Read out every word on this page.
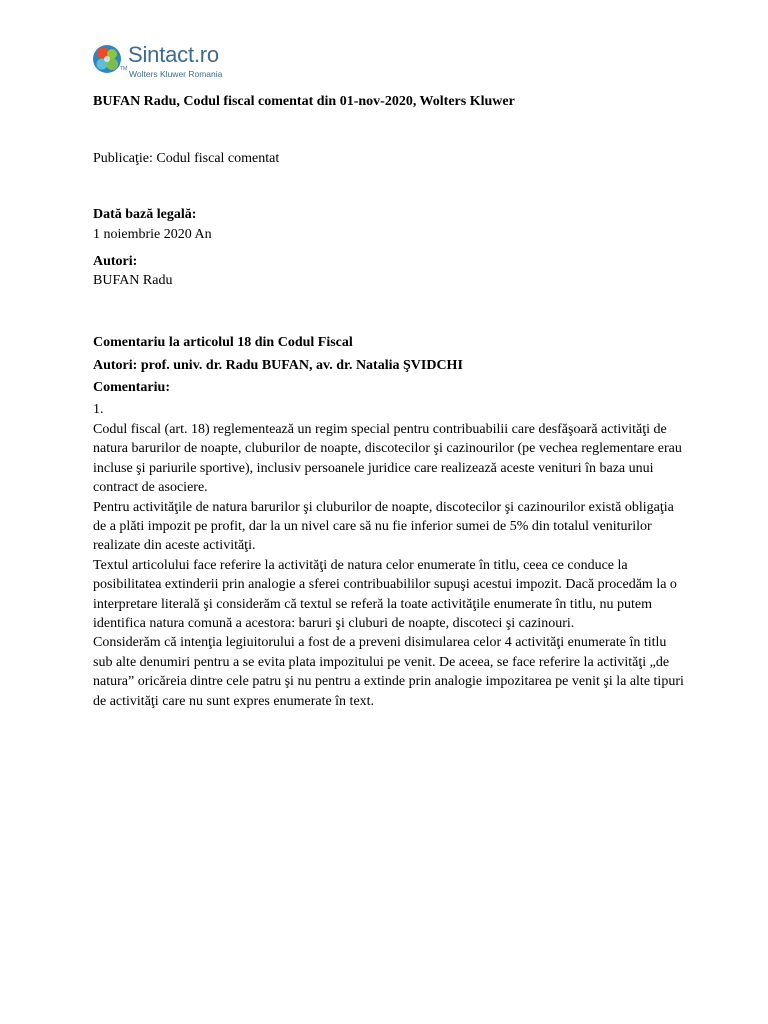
TM
Sintact.ro
Wolters Kluwer Romania
BUFAN Radu, Codul fiscal comentat din 01-nov-2020, Wolters Kluwer
Publicaţie: Codul fiscal comentat
Dată bază legală:
1 noiembrie 2020 An
Autori:
BUFAN Radu
Comentariu la articolul 18 din Codul Fiscal
Autori: prof. univ. dr. Radu BUFAN, av. dr. Natalia ŞVIDCHI
Comentariu:
1.

Codul fiscal (art. 18) reglementează un regim special pentru contribuabilii care desfăşoară activităţi de natura barurilor de noapte, cluburilor de noapte, discotecilor şi cazinourilor (pe vechea reglementare erau incluse şi pariurile sportive), inclusiv persoanele juridice care realizează aceste venituri în baza unui contract de asociere.

Pentru activităţile de natura barurilor şi cluburilor de noapte, discotecilor şi cazinourilor există obligaţia de a plăti impozit pe profit, dar la un nivel care să nu fie inferior sumei de 5% din totalul veniturilor realizate din aceste activităţi.

Textul articolului face referire la activităţi de natura celor enumerate în titlu, ceea ce conduce la posibilitatea extinderii prin analogie a sferei contribuabililor supuşi acestui impozit. Dacă procedăm la o interpretare literală şi considerăm că textul se referă la toate activităţile enumerate în titlu, nu putem identifica natura comună a acestora: baruri şi cluburi de noapte, discoteci şi cazinouri.

Considerăm că intenţia legiuitorului a fost de a preveni disimularea celor 4 activităţi enumerate în titlu sub alte denumiri pentru a se evita plata impozitului pe venit. De aceea, se face referire la activităţi „de natura” oricăreia dintre cele patru şi nu pentru a extinde prin analogie impozitarea pe venit şi la alte tipuri de activităţi care nu sunt expres enumerate în text.
